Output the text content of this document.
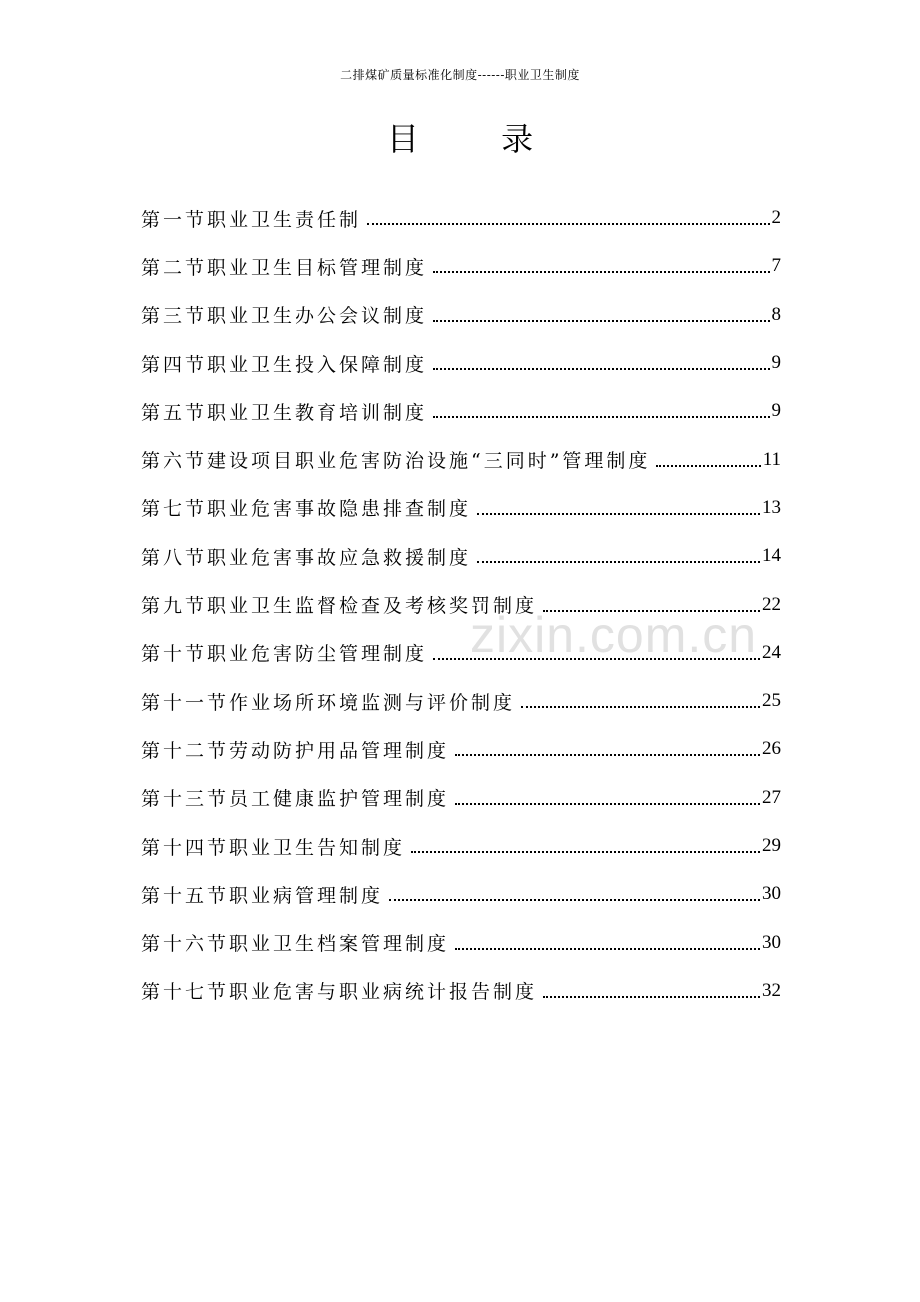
二排煤矿质量标准化制度------职业卫生制度
目 录
第一节职业卫生责任制	2
第二节职业卫生目标管理制度	7
第三节职业卫生办公会议制度	8
第四节职业卫生投入保障制度	9
第五节职业卫生教育培训制度	9
第六节建设项目职业危害防治设施“三同时”管理制度	11
第七节职业危害事故隐患排查制度	13
第八节职业危害事故应急救援制度	14
第九节职业卫生监督检查及考核奖罚制度	22
第十节职业危害防尘管理制度	24
第十一节作业场所环境监测与评价制度	25
第十二节劳动防护用品管理制度	26
第十三节员工健康监护管理制度	27
第十四节职业卫生告知制度	29
第十五节职业病管理制度	30
第十六节职业卫生档案管理制度	30
第十七节职业危害与职业病统计报告制度	32
zixin.com.cn
